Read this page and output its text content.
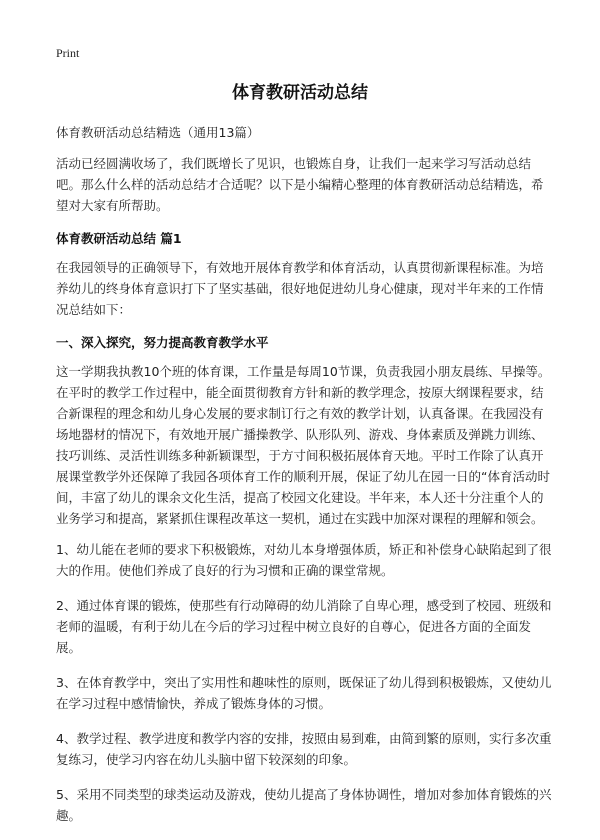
Print
体育教研活动总结

体育教研活动总结精选（通用13篇）

活动已经圆满收场了，我们既增长了见识，也锻炼自身，让我们一起来学习写活动总结吧。那么什么样的活动总结才合适呢？以下是小编精心整理的体育教研活动总结精选，希望对大家有所帮助。

体育教研活动总结 篇1

在我园领导的正确领导下，有效地开展体育教学和体育活动，认真贯彻新课程标准。为培养幼儿的终身体育意识打下了坚实基础，很好地促进幼儿身心健康，现对半年来的工作情况总结如下：

一、深入探究，努力提高教育教学水平

这一学期我执教10个班的体育课，工作量是每周10节课，负责我园小朋友晨练、早操等。在平时的教学工作过程中，能全面贯彻教育方针和新的教学理念，按原大纲课程要求，结合新课程的理念和幼儿身心发展的要求制订行之有效的教学计划，认真备课。在我园没有场地器材的情况下，有效地开展广播操教学、队形队列、游戏、身体素质及弹跳力训练、技巧训练、灵活性训练多种新颖课型，于方寸间积极拓展体育天地。平时工作除了认真开展课堂教学外还保障了我园各项体育工作的顺利开展，保证了幼儿在园一日的“体育活动时间，丰富了幼儿的课余文化生活，提高了校园文化建设。半年来，本人还十分注重个人的业务学习和提高，紧紧抓住课程改革这一契机，通过在实践中加深对课程的理解和领会。

1、幼儿能在老师的要求下积极锻炼，对幼儿本身增强体质，矫正和补偿身心缺陷起到了很大的作用。使他们养成了良好的行为习惯和正确的课堂常规。

2、通过体育课的锻炼，使那些有行动障碍的幼儿消除了自卑心理，感受到了校园、班级和老师的温暖，有利于幼儿在今后的学习过程中树立良好的自尊心，促进各方面的全面发展。

3、在体育教学中，突出了实用性和趣味性的原则，既保证了幼儿得到积极锻炼，又使幼儿在学习过程中感情愉快，养成了锻炼身体的习惯。

4、教学过程、教学进度和教学内容的安排，按照由易到难，由简到繁的原则，实行多次重复练习，使学习内容在幼儿头脑中留下较深刻的印象。

5、采用不同类型的球类运动及游戏，使幼儿提高了身体协调性，增加对参加体育锻炼的兴趣。
